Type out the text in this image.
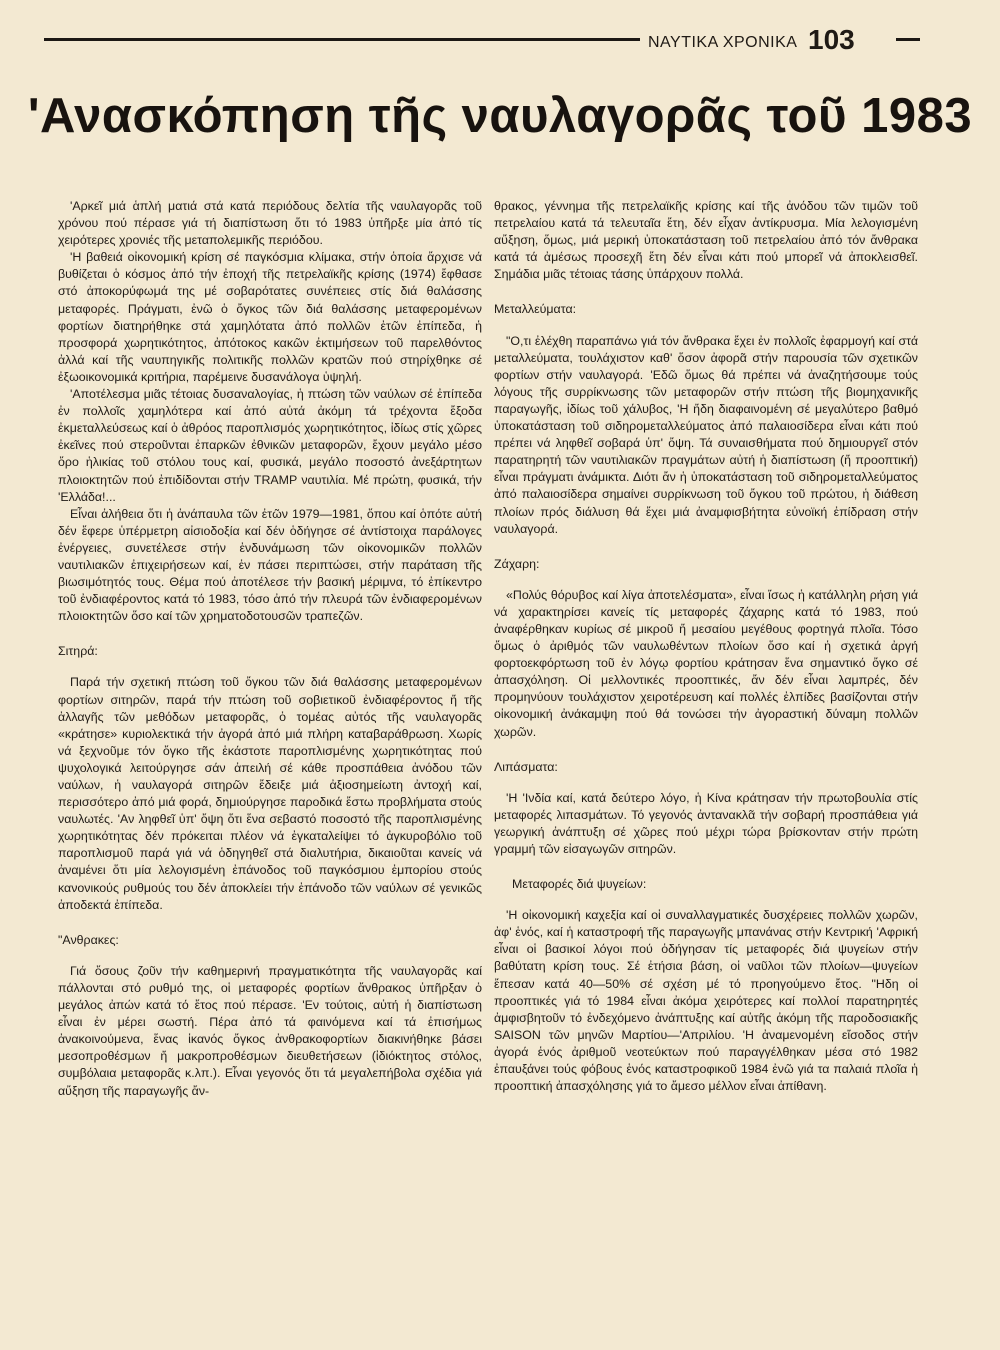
ΝΑΥΤΙΚΑ ΧΡΟΝΙΚΑ 103
'Ανασκόπηση τῆς ναυλαγορᾶς τοῦ 1983

'Αρκεῖ μιά ἁπλή ματιά στά κατά περιόδους δελτία τῆς ναυλαγορᾶς τοῦ χρόνου πού πέρασε γιά τή διαπίστωση ὅτι τό 1983 ὑπῆρξε μία ἀπό τίς χειρότερες χρονιές τῆς μεταπολεμικῆς περιόδου.

'Η βαθειά οἰκονομική κρίση σέ παγκόσμια κλίμακα, στήν ὁποία ἄρχισε νά βυθίζεται ὁ κόσμος ἀπό τήν ἐποχή τῆς πετρελαϊκῆς κρίσης (1974) ἔφθασε στό ἀποκορύφωμά της μέ σοβαρότατες συνέπειες στίς διά θαλάσσης μεταφορές. Πράγματι, ἐνῶ ὁ ὄγκος τῶν διά θαλάσσης μεταφερομένων φορτίων διατηρήθηκε στά χαμηλότατα ἀπό πολλῶν ἐτῶν ἐπίπεδα, ἡ προσφορά χωρητικότητος, ἀπότοκος κακῶν ἐκτιμήσεων τοῦ παρελθόντος ἀλλά καί τῆς ναυπηγικῆς πολιτικῆς πολλῶν κρατῶν πού στηρίχθηκε σέ ἐξωοικονομικά κριτήρια, παρέμεινε δυσανάλογα ὑψηλή.

'Αποτέλεσμα μιᾶς τέτοιας δυσαναλογίας, ἡ πτώση τῶν ναύλων σέ ἐπίπεδα ἐν πολλοῖς χαμηλότερα καί ἀπό αὐτά ἀκόμη τά τρέχοντα ἔξοδα ἐκμεταλλεύσεως καί ὁ ἀθρόος παροπλισμός χωρητικότητος, ἰδίως στίς χῶρες ἐκεῖνες πού στεροῦνται ἐπαρκῶν ἐθνικῶν μεταφορῶν, ἔχουν μεγάλο μέσο ὅρο ἡλικίας τοῦ στόλου τους καί, φυσικά, μεγάλο ποσοστό ἀνεξάρτητων πλοιοκτητῶν πού ἐπιδίδονται στήν TRAMP ναυτιλία. Μέ πρώτη, φυσικά, τήν 'Ελλάδα!...

Εἶναι ἀλήθεια ὅτι ἡ ἀνάπαυλα τῶν ἐτῶν 1979—1981, ὅπου καί ὁπότε αὐτή δέν ἔφερε ὑπέρμετρη αἰσιοδοξία καί δέν ὁδήγησε σέ ἀντίστοιχα παράλογες ἐνέργειες, συνετέλεσε στήν ἐνδυνάμωση τῶν οἰκονομικῶν πολλῶν ναυτιλιακῶν ἐπιχειρήσεων καί, ἐν πάσει περιπτώσει, στήν παράταση τῆς βιωσιμότητός τους. Θέμα πού ἀποτέλεσε τήν βασική μέριμνα, τό ἐπίκεντρο τοῦ ἐνδιαφέροντος κατά τό 1983, τόσο ἀπό τήν πλευρά τῶν ἐνδιαφερομένων πλοιοκτητῶν ὅσο καί τῶν χρηματοδοτουσῶν τραπεζῶν.

Σιτηρά:

Παρά τήν σχετική πτώση τοῦ ὄγκου τῶν διά θαλάσσης μεταφερομένων φορτίων σιτηρῶν, παρά τήν πτώση τοῦ σοβιετικοῦ ἐνδιαφέροντος ἤ τῆς ἀλλαγῆς τῶν μεθόδων μεταφορᾶς, ὁ τομέας αὐτός τῆς ναυλαγορᾶς «κράτησε» κυριολεκτικά τήν ἀγορά ἀπό μιά πλήρη καταβαράθρωση. Χωρίς νά ξεχνοῦμε τόν ὄγκο τῆς ἑκάστοτε παροπλισμένης χωρητικότητας πού ψυχολογικά λειτούργησε σάν ἀπειλή σέ κάθε προσπάθεια ἀνόδου τῶν ναύλων, ἡ ναυλαγορά σιτηρῶν ἔδειξε μιά ἀξιοσημείωτη ἀντοχή καί, περισσότερο ἀπό μιά φορά, δημιούργησε παροδικά ἔστω προβλήματα στούς ναυλωτές. 'Αν ληφθεῖ ὑπ' ὄψη ὅτι ἕνα σεβαστό ποσοστό τῆς παροπλισμένης χωρητικότητας δέν πρόκειται πλέον νά ἐγκαταλείψει τό ἀγκυροβόλιο τοῦ παροπλισμοῦ παρά γιά νά ὁδηγηθεῖ στά διαλυτήρια, δικαιοῦται κανείς νά ἀναμένει ὅτι μία λελογισμένη ἐπάνοδος τοῦ παγκόσμιου ἐμπορίου στούς κανονικούς ρυθμούς του δέν ἀποκλείει τήν ἐπάνοδο τῶν ναύλων σέ γενικῶς ἀποδεκτά ἐπίπεδα.

"Ανθρακες:

Γιά ὅσους ζοῦν τήν καθημερινή πραγματικότητα τῆς ναυλαγορᾶς καί πάλλονται στό ρυθμό της, οἱ μεταφορές φορτίων ἄνθρακος ὑπῆρξαν ὁ μεγάλος ἀπών κατά τό ἔτος πού πέρασε. 'Εν τούτοις, αὐτή ἡ διαπίστωση εἶναι ἐν μέρει σωστή. Πέρα ἀπό τά φαινόμενα καί τά ἐπισήμως ἀνακοινούμενα, ἕνας ἱκανός ὄγκος ἀνθρακοφορτίων διακινήθηκε βάσει μεσοπροθέσμων ἤ μακροπροθέσμων διευθετήσεων (ἰδιόκτητος στόλος, συμβόλαια μεταφορᾶς κ.λπ.). Εἶναι γεγονός ὅτι τά μεγαλεπήβολα σχέδια γιά αὔξηση τῆς παραγωγῆς ἄν-

θρακος, γέννημα τῆς πετρελαϊκῆς κρίσης καί τῆς ἀνόδου τῶν τιμῶν τοῦ πετρελαίου κατά τά τελευταῖα ἔτη, δέν εἶχαν ἀντίκρυσμα. Μία λελογισμένη αὔξηση, ὅμως, μιά μερική ὑποκατάσταση τοῦ πετρελαίου ἀπό τόν ἄνθρακα κατά τά ἀμέσως προσεχῆ ἔτη δέν εἶναι κάτι πού μπορεῖ νά ἀποκλεισθεῖ. Σημάδια μιᾶς τέτοιας τάσης ὑπάρχουν πολλά.

Μεταλλεύματα:

"Ο,τι ἐλέχθη παραπάνω γιά τόν ἄνθρακα ἔχει ἐν πολλοῖς ἐφαρμογή καί στά μεταλλεύματα, τουλάχιστον καθ' ὅσον ἀφορᾶ στήν παρουσία τῶν σχετικῶν φορτίων στήν ναυλαγορά. 'Εδῶ ὅμως θά πρέπει νά ἀναζητήσουμε τούς λόγους τῆς συρρίκνωσης τῶν μεταφορῶν στήν πτώση τῆς βιομηχανικῆς παραγωγῆς, ἰδίως τοῦ χάλυβος, 'Η ἤδη διαφαινομένη σέ μεγαλύτερο βαθμό ὑποκατάσταση τοῦ σιδηρομεταλλεύματος ἀπό παλαιοσίδερα εἶναι κάτι πού πρέπει νά ληφθεῖ σοβαρά ὑπ' ὄψη. Τά συναισθήματα πού δημιουργεῖ στόν παρατηρητή τῶν ναυτιλιακῶν πραγμάτων αὐτή ἡ διαπίστωση (ἤ προοπτική) εἶναι πράγματι ἀνάμικτα. Διότι ἄν ἡ ὑποκατάσταση τοῦ σιδηρομεταλλεύματος ἀπό παλαιοσίδερα σημαίνει συρρίκνωση τοῦ ὄγκου τοῦ πρώτου, ἡ διάθεση πλοίων πρός διάλυση θά ἔχει μιά ἀναμφισβήτητα εὐνοϊκή ἐπίδραση στήν ναυλαγορά.

Ζάχαρη:

«Πολύς θόρυβος καί λίγα ἀποτελέσματα», εἶναι ἴσως ἡ κατάλληλη ρήση γιά νά χαρακτηρίσει κανείς τίς μεταφορές ζάχαρης κατά τό 1983, πού ἀναφέρθηκαν κυρίως σέ μικροῦ ἤ μεσαίου μεγέθους φορτηγά πλοῖα. Τόσο ὅμως ὁ ἀριθμός τῶν ναυλωθέντων πλοίων ὅσο καί ἡ σχετικά ἀργή φορτοεκφόρτωση τοῦ ἐν λόγῳ φορτίου κράτησαν ἕνα σημαντικό ὄγκο σέ ἀπασχόληση. Οἱ μελλοντικές προοπτικές, ἄν δέν εἶναι λαμπρές, δέν προμηνύουν τουλάχιστον χειροτέρευση καί πολλές ἐλπίδες βασίζονται στήν οἰκονομική ἀνάκαμψη πού θά τονώσει τήν ἀγοραστική δύναμη πολλῶν χωρῶν.

Λιπάσματα:

'Η 'Ινδία καί, κατά δεύτερο λόγο, ἡ Κίνα κράτησαν τήν πρωτοβουλία στίς μεταφορές λιπασμάτων. Τό γεγονός ἀντανακλᾶ τήν σοβαρή προσπάθεια γιά γεωργική ἀνάπτυξη σέ χῶρες πού μέχρι τώρα βρίσκονταν στήν πρώτη γραμμή τῶν εἰσαγωγῶν σιτηρῶν.

Μεταφορές διά ψυγείων:

'Η οἰκονομική καχεξία καί οἱ συναλλαγματικές δυσχέρειες πολλῶν χωρῶν, ἀφ' ἑνός, καί ἡ καταστροφή τῆς παραγωγῆς μπανάνας στήν Κεντρική 'Αφρική εἶναι οἱ βασικοί λόγοι πού ὁδήγησαν τίς μεταφορές διά ψυγείων στήν βαθύτατη κρίση τους. Σέ ἐτήσια βάση, οἱ ναῦλοι τῶν πλοίων—ψυγείων ἔπεσαν κατά 40—50% σέ σχέση μέ τό προηγούμενο ἔτος. "Ηδη οἱ προοπτικές γιά τό 1984 εἶναι ἀκόμα χειρότερες καί πολλοί παρατηρητές ἀμφισβητοῦν τό ἐνδεχόμενο ἀνάπτυξης καί αὐτῆς ἀκόμη τῆς παροδοσιακῆς SAISON τῶν μηνῶν Μαρτίου—'Απριλίου. 'Η ἀναμενομένη εἴσοδος στήν ἀγορά ἑνός ἀριθμοῦ νεοτεύκτων πού παραγγέλθηκαν μέσα στό 1982 ἐπαυξάνει τούς φόβους ἑνός καταστροφικοῦ 1984 ἐνῶ γιά τα παλαιά πλοῖα ἡ προοπτική ἀπασχόλησης γιά το ἄμεσο μέλλον εἶναι ἀπίθανη.
